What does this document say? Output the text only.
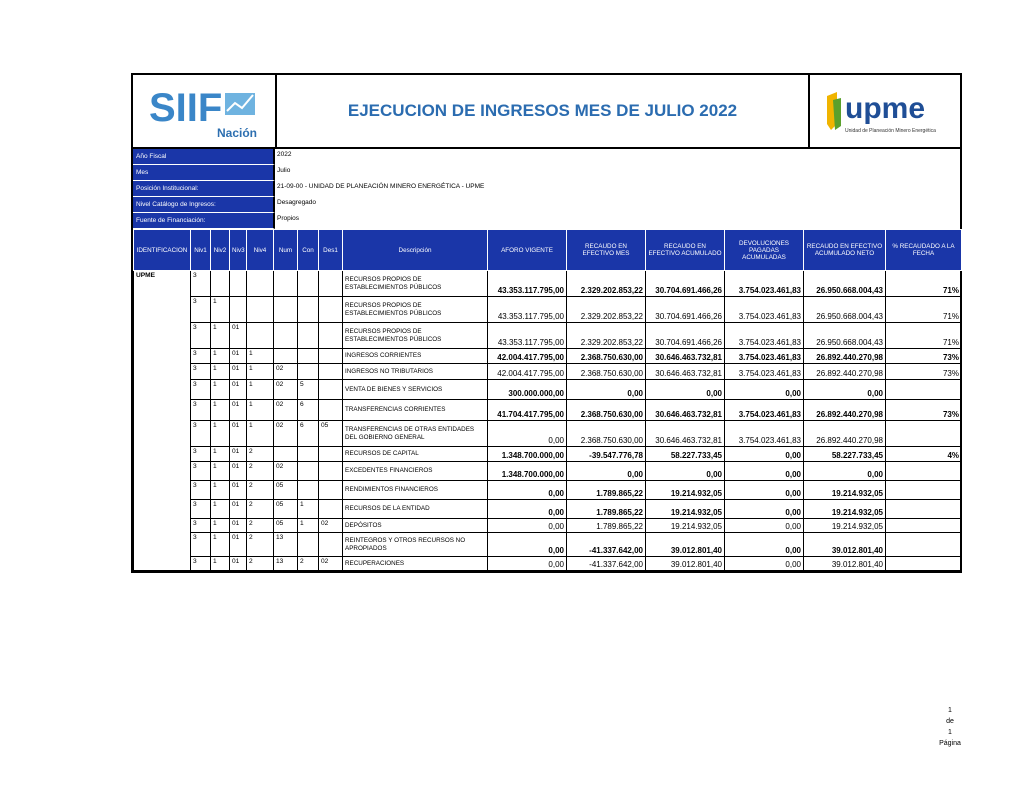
SIIF
Nación
EJECUCION DE INGRESOS MES DE JULIO 2022	upme
Unidad de Planeación Minero Energética
Año Fiscal	2022
Mes	Julio
Posición Institucional:	21-09-00 - UNIDAD DE PLANEACIÓN MINERO ENERGÉTICA - UPME
Nivel Catálogo de Ingresos:	Desagregado
Fuente de Financiación:	Propios
IDENTIFICACION	Niv1	Niv2	Niv3	Niv4	Num	Con	Des1	Descripción	AFORO VIGENTE	RECAUDO EN EFECTIVO MES	RECAUDO EN EFECTIVO ACUMULADO	DEVOLUCIONES PAGADAS ACUMULADAS	RECAUDO EN EFECTIVO ACUMULADO NETO	% RECAUDADO A LA FECHA
UPME	3							RECURSOS PROPIOS DE ESTABLECIMIENTOS PÚBLICOS	43.353.117.795,00	2.329.202.853,22	30.704.691.466,26	3.754.023.461,83	26.950.668.004,43	71%
	3	1						RECURSOS PROPIOS DE ESTABLECIMIENTOS PÚBLICOS	43.353.117.795,00	2.329.202.853,22	30.704.691.466,26	3.754.023.461,83	26.950.668.004,43	71%
	3	1	01					RECURSOS PROPIOS DE ESTABLECIMIENTOS PÚBLICOS	43.353.117.795,00	2.329.202.853,22	30.704.691.466,26	3.754.023.461,83	26.950.668.004,43	71%
	3	1	01	1				INGRESOS CORRIENTES	42.004.417.795,00	2.368.750.630,00	30.646.463.732,81	3.754.023.461,83	26.892.440.270,98	73%
	3	1	01	1	02			INGRESOS NO TRIBUTARIOS	42.004.417.795,00	2.368.750.630,00	30.646.463.732,81	3.754.023.461,83	26.892.440.270,98	73%
	3	1	01	1	02	5		VENTA DE BIENES Y SERVICIOS	300.000.000,00	0,00	0,00	0,00	0,00	
	3	1	01	1	02	6		TRANSFERENCIAS CORRIENTES	41.704.417.795,00	2.368.750.630,00	30.646.463.732,81	3.754.023.461,83	26.892.440.270,98	73%
	3	1	01	1	02	6	05	TRANSFERENCIAS DE OTRAS ENTIDADES DEL GOBIERNO GENERAL	0,00	2.368.750.630,00	30.646.463.732,81	3.754.023.461,83	26.892.440.270,98	
	3	1	01	2				RECURSOS DE CAPITAL	1.348.700.000,00	-39.547.776,78	58.227.733,45	0,00	58.227.733,45	4%
	3	1	01	2	02			EXCEDENTES FINANCIEROS	1.348.700.000,00	0,00	0,00	0,00	0,00	
	3	1	01	2	05			RENDIMIENTOS FINANCIEROS	0,00	1.789.865,22	19.214.932,05	0,00	19.214.932,05	
	3	1	01	2	05	1		RECURSOS DE LA ENTIDAD	0,00	1.789.865,22	19.214.932,05	0,00	19.214.932,05	
	3	1	01	2	05	1	02	DEPÓSITOS	0,00	1.789.865,22	19.214.932,05	0,00	19.214.932,05	
	3	1	01	2	13			REINTEGROS Y OTROS RECURSOS NO APROPIADOS	0,00	-41.337.642,00	39.012.801,40	0,00	39.012.801,40	
	3	1	01	2	13	2	02	RECUPERACIONES	0,00	-41.337.642,00	39.012.801,40	0,00	39.012.801,40	
1
de
1
Página
